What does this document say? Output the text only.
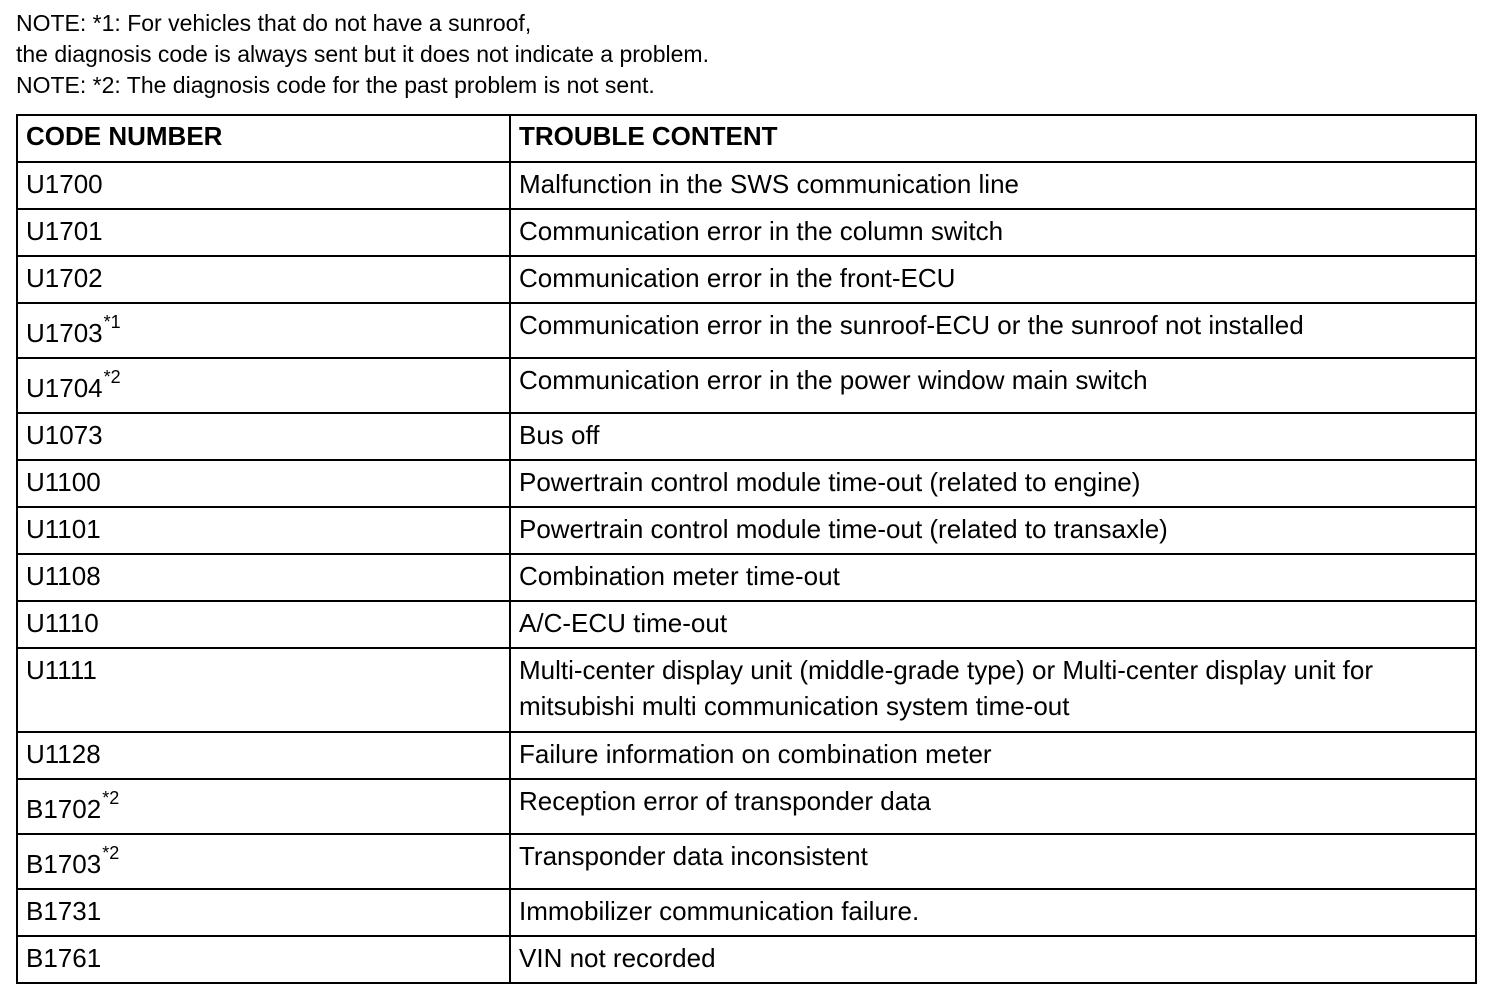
NOTE: *1: For vehicles that do not have a sunroof,
the diagnosis code is always sent but it does not indicate a problem.
NOTE: *2: The diagnosis code for the past problem is not sent.
CODE NUMBER	TROUBLE CONTENT
U1700	Malfunction in the SWS communication line
U1701	Communication error in the column switch
U1702	Communication error in the front-ECU
U1703$^{*1}$	Communication error in the sunroof-ECU or the sunroof not installed
U1704$^{*2}$	Communication error in the power window main switch
U1073	Bus off
U1100	Powertrain control module time-out (related to engine)
U1101	Powertrain control module time-out (related to transaxle)
U1108	Combination meter time-out
U1110	A/C-ECU time-out
U1111	Multi-center display unit (middle-grade type) or Multi-center display unit for mitsubishi multi communication system time-out
U1128	Failure information on combination meter
B1702$^{*2}$	Reception error of transponder data
B1703$^{*2}$	Transponder data inconsistent
B1731	Immobilizer communication failure.
B1761	VIN not recorded
